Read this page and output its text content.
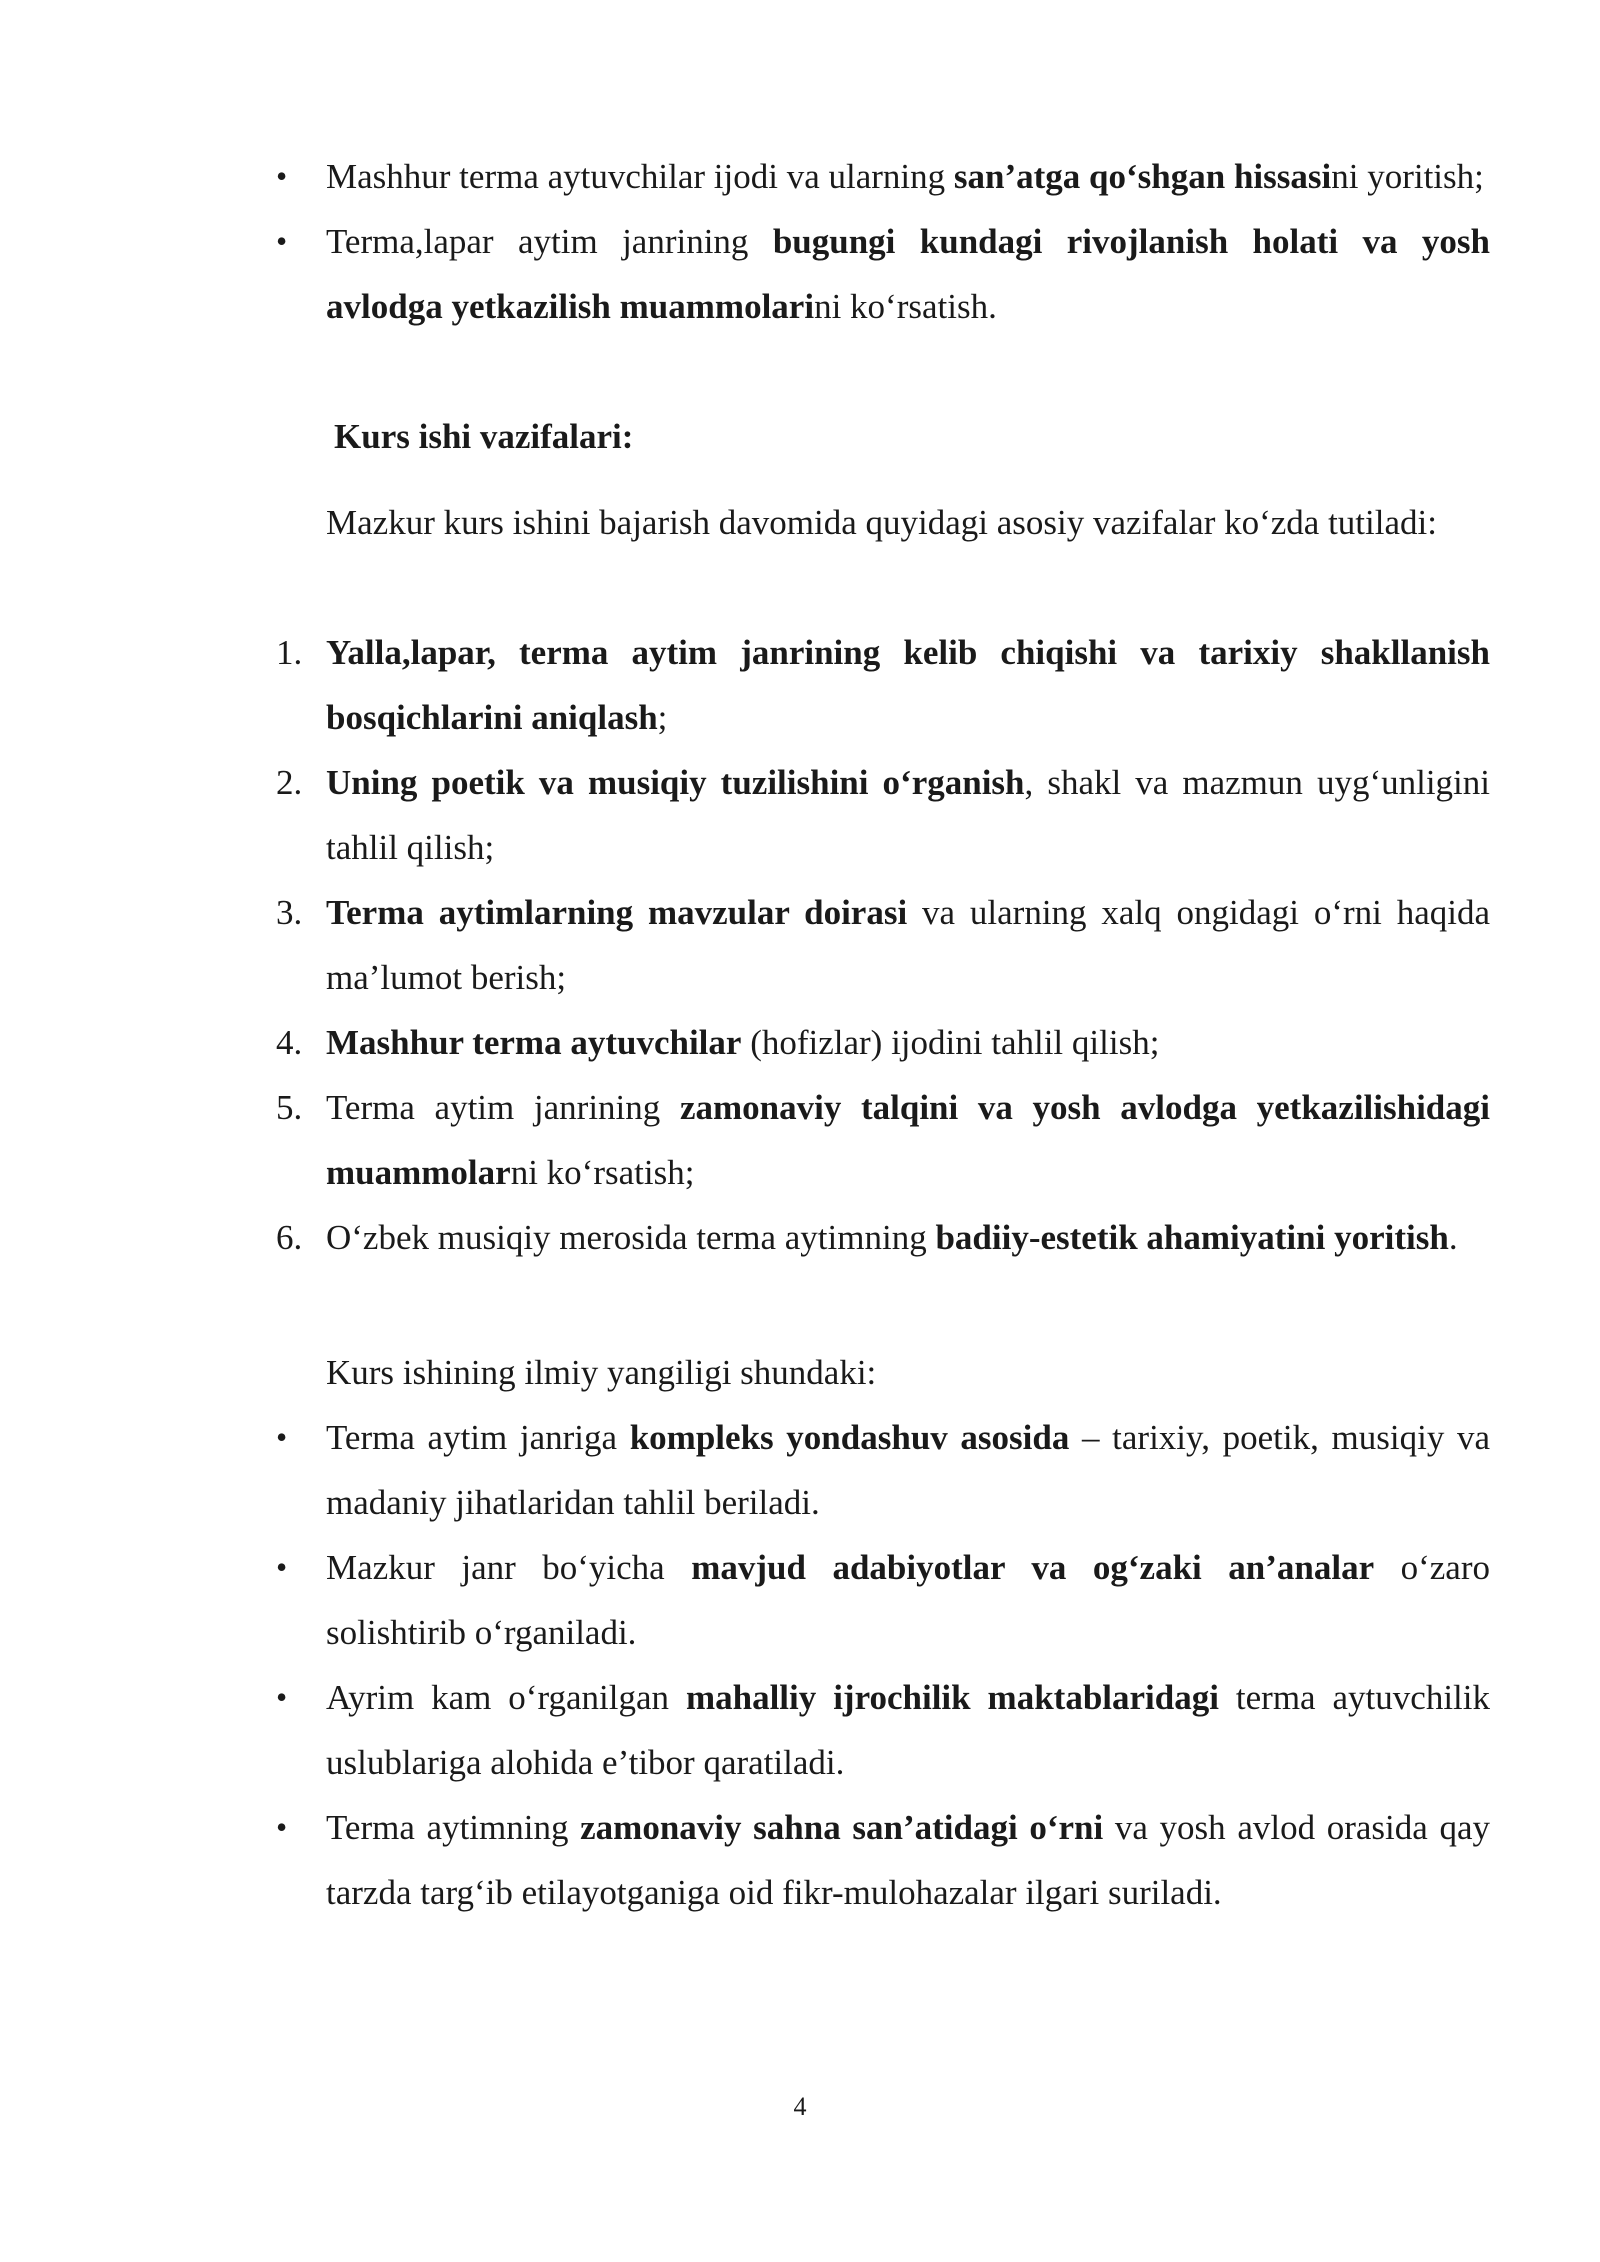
• Mashhur terma aytuvchilar ijodi va ularning san’atga qo‘shgan hissasini yoritish;
• Terma,lapar aytim janrining bugungi kundagi rivojlanish holati va yosh avlodga yetkazilish muammolarini ko‘rsatish.

Kurs ishi vazifalari:

Mazkur kurs ishini bajarish davomida quyidagi asosiy vazifalar ko‘zda tutiladi:

1. Yalla,lapar, terma aytim janrining kelib chiqishi va tarixiy shakllanish bosqichlarini aniqlash;
2. Uning poetik va musiqiy tuzilishini o‘rganish, shakl va mazmun uyg‘unligini tahlil qilish;
3. Terma aytimlarning mavzular doirasi va ularning xalq ongidagi o‘rni haqida ma’lumot berish;
4. Mashhur terma aytuvchilar (hofizlar) ijodini tahlil qilish;
5. Terma aytim janrining zamonaviy talqini va yosh avlodga yetkazilishidagi muammolarni ko‘rsatish;
6. O‘zbek musiqiy merosida terma aytimning badiiy-estetik ahamiyatini yoritish.

Kurs ishining ilmiy yangiligi shundaki:

• Terma aytim janriga kompleks yondashuv asosida – tarixiy, poetik, musiqiy va madaniy jihatlaridan tahlil beriladi.
• Mazkur janr bo‘yicha mavjud adabiyotlar va og‘zaki an’analar o‘zaro solishtirib o‘rganiladi.
• Ayrim kam o‘rganilgan mahalliy ijrochilik maktablaridagi terma aytuvchilik uslublariga alohida e’tibor qaratiladi.
• Terma aytimning zamonaviy sahna san’atidagi o‘rni va yosh avlod orasida qay tarzda targ‘ib etilayotganiga oid fikr-mulohazalar ilgari suriladi.
4
